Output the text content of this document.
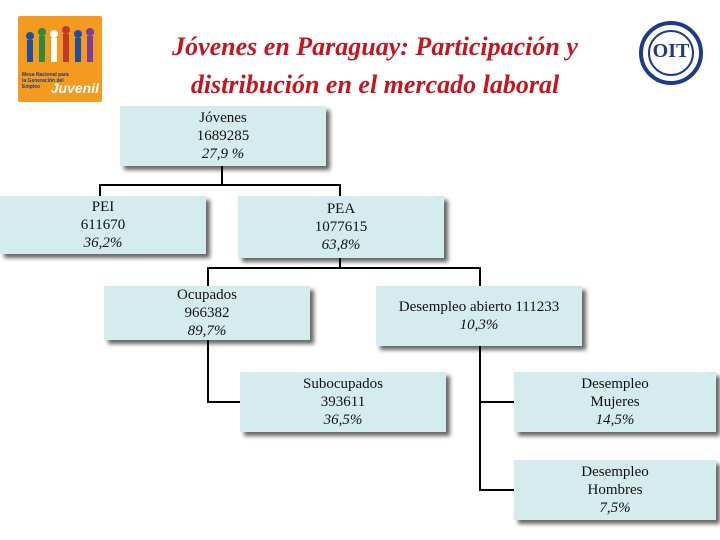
Mesa Nacional para la Generación del Empleo Juvenil
Jóvenes en Paraguay: Participación y distribución en el mercado laboral
OIT
Jóvenes
1689285
27,9 %
PEI
611670
36,2%
PEA
1077615
63,8%
Ocupados
966382
89,7%
Desempleo abierto 111233
10,3%
Subocupados
393611
36,5%
Desempleo
Mujeres
14,5%
Desempleo
Hombres
7,5%
